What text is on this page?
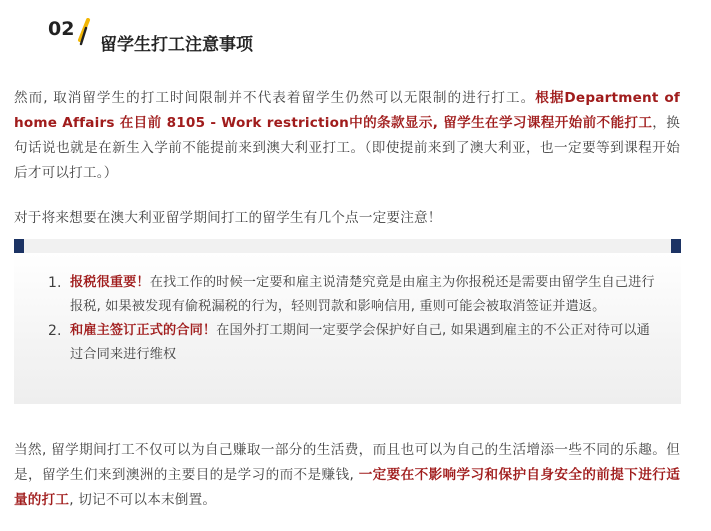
02
留学生打工注意事项

然而, 取消留学生的打工时间限制并不代表着留学生仍然可以无限制的进行打工。根据Department of home Affairs 在目前 8105 - Work restriction中的条款显示, 留学生在学习课程开始前不能打工，换句话说也就是在新生入学前不能提前来到澳大利亚打工。（即使提前来到了澳大利亚，也一定要等到课程开始后才可以打工。）

对于将来想要在澳大利亚留学期间打工的留学生有几个点一定要注意！

1. 报税很重要！在找工作的时候一定要和雇主说清楚究竟是由雇主为你报税还是需要由留学生自己进行报税, 如果被发现有偷税漏税的行为，轻则罚款和影响信用, 重则可能会被取消签证并遣返。
2. 和雇主签订正式的合同！在国外打工期间一定要学会保护好自己, 如果遇到雇主的不公正对待可以通过合同来进行维权

当然, 留学期间打工不仅可以为自己赚取一部分的生活费，而且也可以为自己的生活增添一些不同的乐趣。但是，留学生们来到澳洲的主要目的是学习的而不是赚钱, 一定要在不影响学习和保护自身安全的前提下进行适量的打工, 切记不可以本末倒置。
